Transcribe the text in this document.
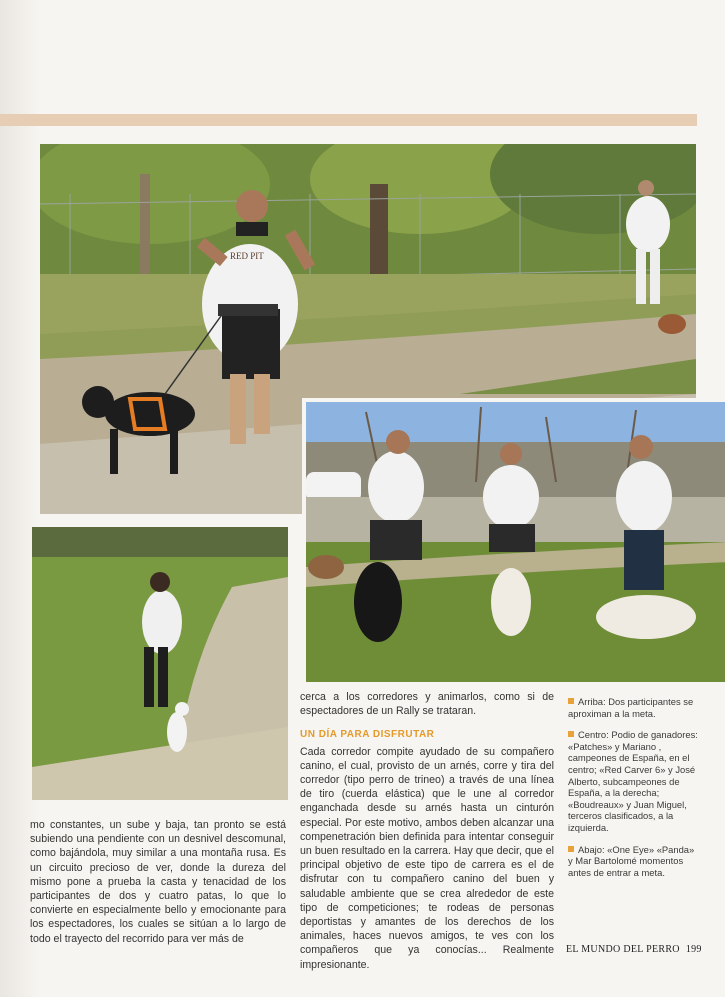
RED PIT
mo constantes, un sube y baja, tan pronto se está subiendo una pendiente con un desnivel descomunal, como bajándola, muy similar a una montaña rusa. Es un circuito precioso de ver, donde la dureza del mismo pone a prueba la casta y tenacidad de los participantes de dos y cuatro patas, lo que lo convierte en especialmente bello y emocionante para los espectadores, los cuales se sitúan a lo largo de todo el trayecto del recorrido para ver más de
cerca a los corredores y animarlos, como si de espectadores de un Rally se trataran.
UN DÍA PARA DISFRUTAR
Cada corredor compite ayudado de su compañero canino, el cual, provisto de un arnés, corre y tira del corredor (tipo perro de trineo) a través de una línea de tiro (cuerda elástica) que le une al corredor enganchada desde su arnés hasta un cinturón especial. Por este motivo, ambos deben alcanzar una compenetración bien definida para intentar conseguir un buen resultado en la carrera. Hay que decir, que el principal objetivo de este tipo de carrera es el de disfrutar con tu compañero canino del buen y saludable ambiente que se crea alrededor de este tipo de competiciones; te rodeas de personas deportistas y amantes de los derechos de los animales, haces nuevos amigos, te ves con los compañeros que ya conocías... Realmente impresionante.
Arriba: Dos participantes se aproximan a la meta.
Centro: Podio de ganadores: «Patches» y Mariano , campeones de España, en el centro; «Red Carver 6» y José Alberto, subcampeones de España, a la derecha; «Boudreaux» y Juan Miguel, terceros clasificados, a la izquierda.
Abajo: «One Eye» «Panda» y Mar Bartolomé momentos antes de entrar a meta.
EL MUNDO DEL PERRO 199
